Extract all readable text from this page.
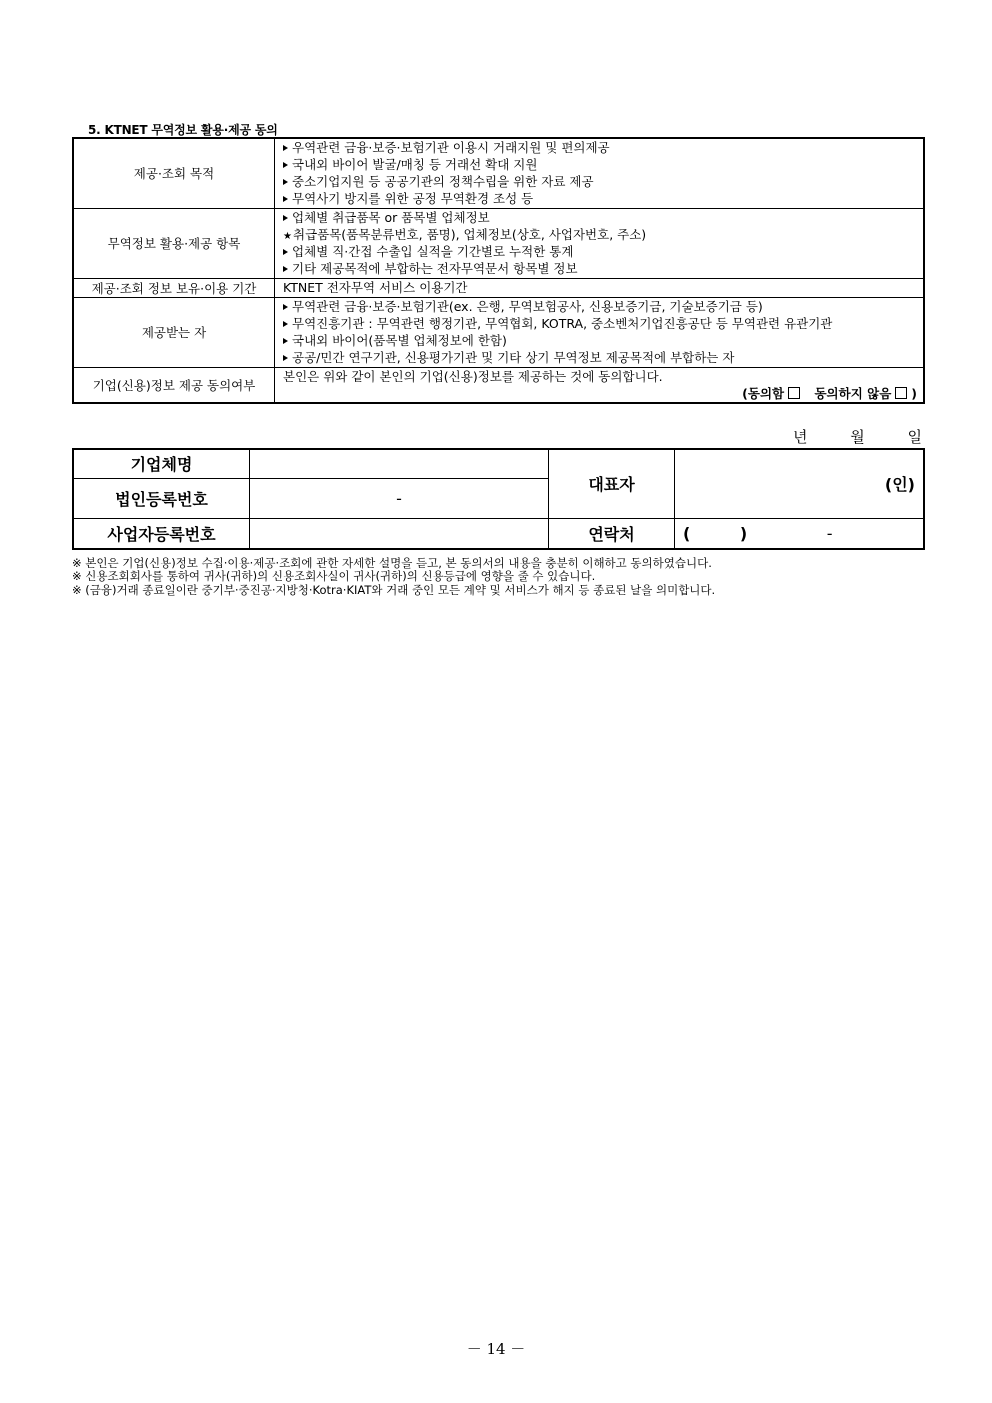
5. KTNET 무역정보 활용·제공 동의
제공·조회 목적	우역관련 금융·보증·보험기관 이용시 거래지원 및 편의제공
국내외 바이어 발굴/매칭 등 거래선 확대 지원
중소기업지원 등 공공기관의 정책수립을 위한 자료 제공
무역사기 방지를 위한 공정 무역환경 조성 등

무역정보 활용·제공 항목	업체별 취급품목 or 품목별 업체정보
★취급품목(품목분류번호, 품명), 업체정보(상호, 사업자번호, 주소)
업체별 직·간접 수출입 실적을 기간별로 누적한 통계
기타 제공목적에 부합하는 전자무역문서 항목별 정보

제공·조회 정보 보유·이용 기간	KTNET 전자무역 서비스 이용기간

제공받는 자	무역관련 금융·보증·보험기관(ex. 은행, 무역보험공사, 신용보증기금, 기술보증기금 등)
무역진흥기관 : 무역관련 행정기관, 무역협회, KOTRA, 중소벤처기업진흥공단 등 무역관련 유관기관
국내외 바이어(품목별 업체정보에 한함)
공공/민간 연구기관, 신용평가기관 및 기타 상기 무역정보 제공목적에 부합하는 자

기업(신용)정보 제공 동의여부	본인은 위와 같이 본인의 기업(신용)정보를 제공하는 것에 동의합니다.
(동의함 동의하지 않음 )
년	월	일
기업체명		대표자	(인)
법인등록번호	-		
사업자등록번호		연락처	( ) -
※ 본인은 기업(신용)정보 수집·이용·제공·조회에 관한 자세한 설명을 듣고, 본 동의서의 내용을 충분히 이해하고 동의하였습니다.
※ 신용조회회사를 통하여 귀사(귀하)의 신용조회사실이 귀사(귀하)의 신용등급에 영향을 줄 수 있습니다.
※ (금융)거래 종료일이란 중기부·중진공·지방청·Kotra·KIAT와 거래 중인 모든 계약 및 서비스가 해지 등 종료된 날을 의미합니다.
－ 14 －
